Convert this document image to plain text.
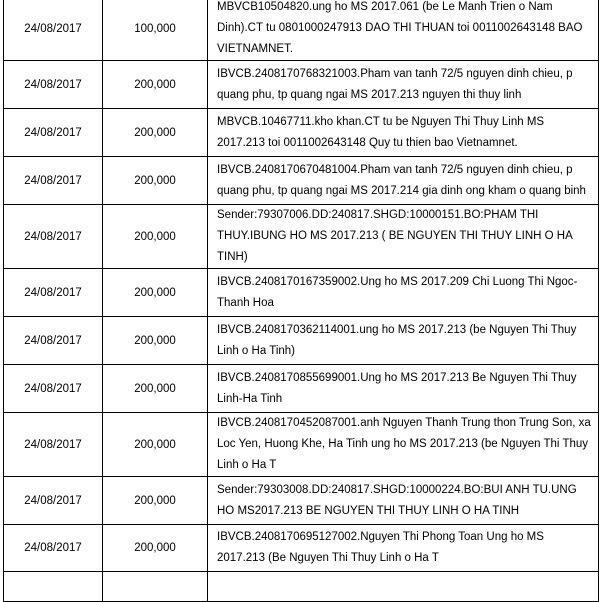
24/08/2017	100,000	MBVCB10504820.ung ho MS 2017.061 (be Le Manh Trien o Nam Dinh).CT tu 0801000247913 DAO THI THUAN toi 0011002643148 BAO VIETNAMNET.
24/08/2017	200,000	IBVCB.2408170768321003.Pham van tanh 72/5 nguyen dinh chieu, p quang phu, tp quang ngai MS 2017.213 nguyen thi thuy linh
24/08/2017	200,000	MBVCB.10467711.kho khan.CT tu be Nguyen Thi Thuy Linh MS 2017.213 toi 0011002643148 Quy tu thien bao Vietnamnet.
24/08/2017	200,000	IBVCB.2408170670481004.Pham van tanh 72/5 nguyen dinh chieu, p quang phu, tp quang ngai MS 2017.214 gia dinh ong kham o quang binh
24/08/2017	200,000	Sender:79307006.DD:240817.SHGD:10000151.BO:PHAM THI THUY.IBUNG HO MS 2017.213 ( BE NGUYEN THI THUY LINH O HA TINH)
24/08/2017	200,000	IBVCB.2408170167359002.Ung ho MS 2017.209 Chi Luong Thi Ngoc-Thanh Hoa
24/08/2017	200,000	IBVCB.2408170362114001.ung ho MS 2017.213 (be Nguyen Thi Thuy Linh o Ha Tinh)
24/08/2017	200,000	IBVCB.2408170855699001.Ung ho MS 2017.213 Be Nguyen Thi Thuy Linh-Ha Tinh
24/08/2017	200,000	IBVCB.2408170452087001.anh Nguyen Thanh Trung thon Trung Son, xa Loc Yen, Huong Khe, Ha Tinh ung ho MS 2017.213 (be Nguyen Thi Thuy Linh o Ha T
24/08/2017	200,000	Sender:79303008.DD:240817.SHGD:10000224.BO:BUI ANH TU.UNG HO MS2017.213 BE NGUYEN THI THUY LINH O HA TINH
24/08/2017	200,000	IBVCB.2408170695127002.Nguyen Thi Phong Toan Ung ho MS 2017.213 (Be Nguyen Thi Thuy Linh o Ha T
